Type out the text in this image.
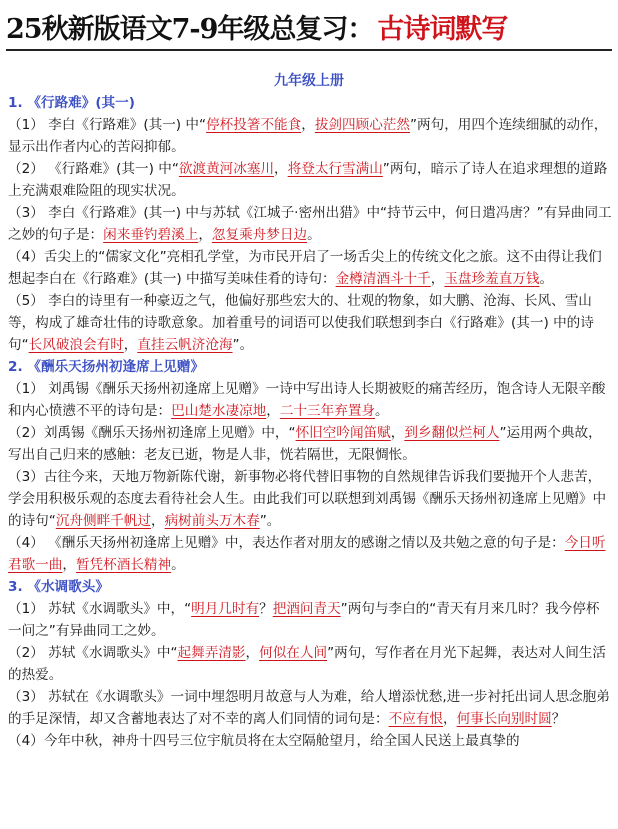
25秋新版语文7-9年级总复习： 古诗词默写
九年级上册
1. 《行路难》(其一)

（1） 李白《行路难》(其一) 中“停杯投箸不能食，拔剑四顾心茫然”两句，用四个连续细腻的动作，显示出作者内心的苦闷抑郁。

（2） 《行路难》(其一) 中“欲渡黄河冰塞川，将登太行雪满山”两句，暗示了诗人在追求理想的道路上充满艰难险阻的现实状况。

（3） 李白《行路难》(其一) 中与苏轼《江城子·密州出猎》中“持节云中，何日遣冯唐？”有异曲同工之妙的句子是：闲来垂钓碧溪上，忽复乘舟梦日边。

（4）舌尖上的“儒家文化”亮相孔学堂，为市民开启了一场舌尖上的传统文化之旅。这不由得让我们想起李白在《行路难》(其一) 中描写美味佳肴的诗句：金樽清酒斗十千，玉盘珍羞直万钱。

（5） 李白的诗里有一种豪迈之气，他偏好那些宏大的、壮观的物象，如大鹏、沧海、长风、雪山等，构成了雄奇壮伟的诗歌意象。加着重号的词语可以使我们联想到李白《行路难》(其一) 中的诗句“长风破浪会有时，直挂云帆济沧海”。

2. 《酬乐天扬州初逢席上见赠》

（1） 刘禹锡《酬乐天扬州初逢席上见赠》一诗中写出诗人长期被贬的痛苦经历，饱含诗人无限辛酸和内心愤懑不平的诗句是：巴山楚水凄凉地，二十三年弃置身。

（2）刘禹锡《酬乐天扬州初逢席上见赠》中，“怀旧空吟闻笛赋，到乡翻似烂柯人”运用两个典故，写出自己归来的感触：老友已逝，物是人非，恍若隔世，无限惆怅。

（3）古往今来，天地万物新陈代谢，新事物必将代替旧事物的自然规律告诉我们要抛开个人悲苦，学会用积极乐观的态度去看待社会人生。由此我们可以联想到刘禹锡《酬乐天扬州初逢席上见赠》中的诗句“沉舟侧畔千帆过，病树前头万木春”。

（4） 《酬乐天扬州初逢席上见赠》中，表达作者对朋友的感谢之情以及共勉之意的句子是：今日听君歌一曲，暂凭杯酒长精神。

3. 《水调歌头》

（1） 苏轼《水调歌头》中，“明月几时有？把酒问青天”两句与李白的“青天有月来几时？我今停杯一问之”有异曲同工之妙。

（2） 苏轼《水调歌头》中“起舞弄清影，何似在人间”两句，写作者在月光下起舞，表达对人间生活的热爱。

（3） 苏轼在《水调歌头》一词中埋怨明月故意与人为难，给人增添忧愁,进一步衬托出词人思念胞弟的手足深情，却又含蓄地表达了对不幸的离人们同情的词句是：不应有恨，何事长向别时圆？

（4）今年中秋，神舟十四号三位宇航员将在太空隔舱望月，给全国人民送上最真挚的
